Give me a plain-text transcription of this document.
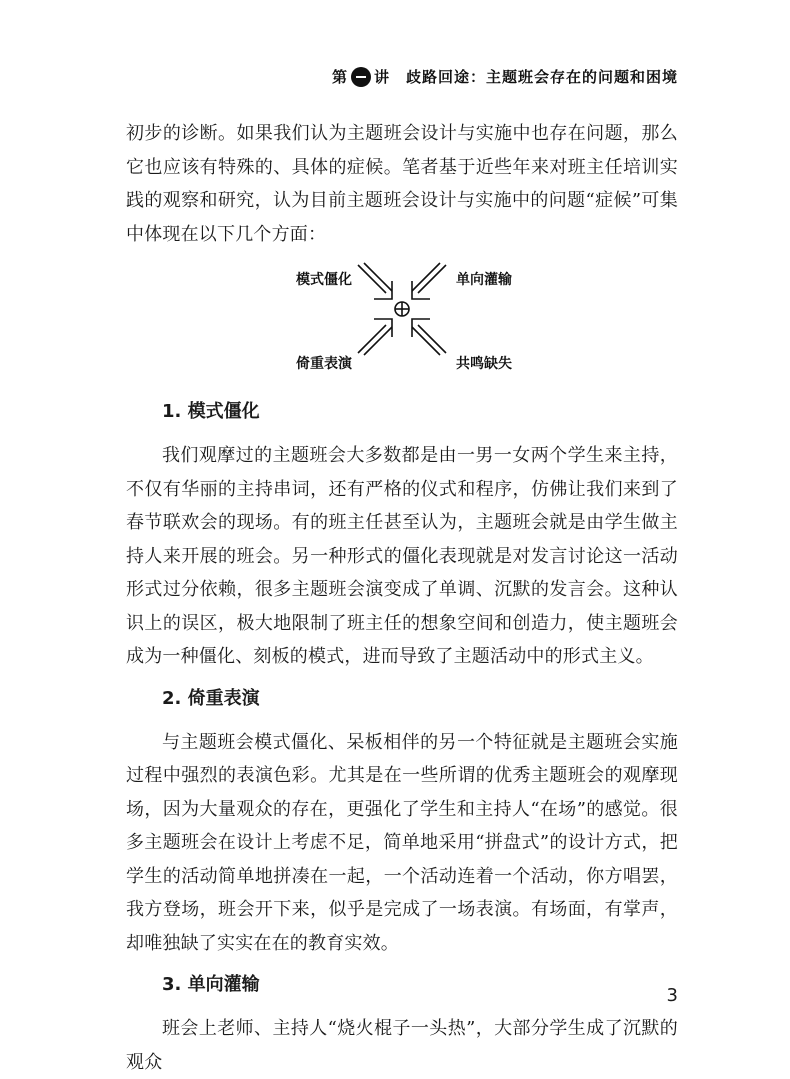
第 讲 歧路回途：主题班会存在的问题和困境

初步的诊断。如果我们认为主题班会设计与实施中也存在问题，那么它也应该有特殊的、具体的症候。笔者基于近些年来对班主任培训实践的观察和研究，认为目前主题班会设计与实施中的问题“症候”可集中体现在以下几个方面：

模式僵化	单向灌输
倚重表演	共鸣缺失
1. 模式僵化

我们观摩过的主题班会大多数都是由一男一女两个学生来主持，不仅有华丽的主持串词，还有严格的仪式和程序，仿佛让我们来到了春节联欢会的现场。有的班主任甚至认为，主题班会就是由学生做主持人来开展的班会。另一种形式的僵化表现就是对发言讨论这一活动形式过分依赖，很多主题班会演变成了单调、沉默的发言会。这种认识上的误区，极大地限制了班主任的想象空间和创造力，使主题班会成为一种僵化、刻板的模式，进而导致了主题活动中的形式主义。

2. 倚重表演

与主题班会模式僵化、呆板相伴的另一个特征就是主题班会实施过程中强烈的表演色彩。尤其是在一些所谓的优秀主题班会的观摩现场，因为大量观众的存在，更强化了学生和主持人“在场”的感觉。很多主题班会在设计上考虑不足，简单地采用“拼盘式”的设计方式，把学生的活动简单地拼凑在一起，一个活动连着一个活动，你方唱罢，我方登场，班会开下来，似乎是完成了一场表演。有场面，有掌声，却唯独缺了实实在在的教育实效。

3. 单向灌输

班会上老师、主持人“烧火棍子一头热”，大部分学生成了沉默的观众

3
